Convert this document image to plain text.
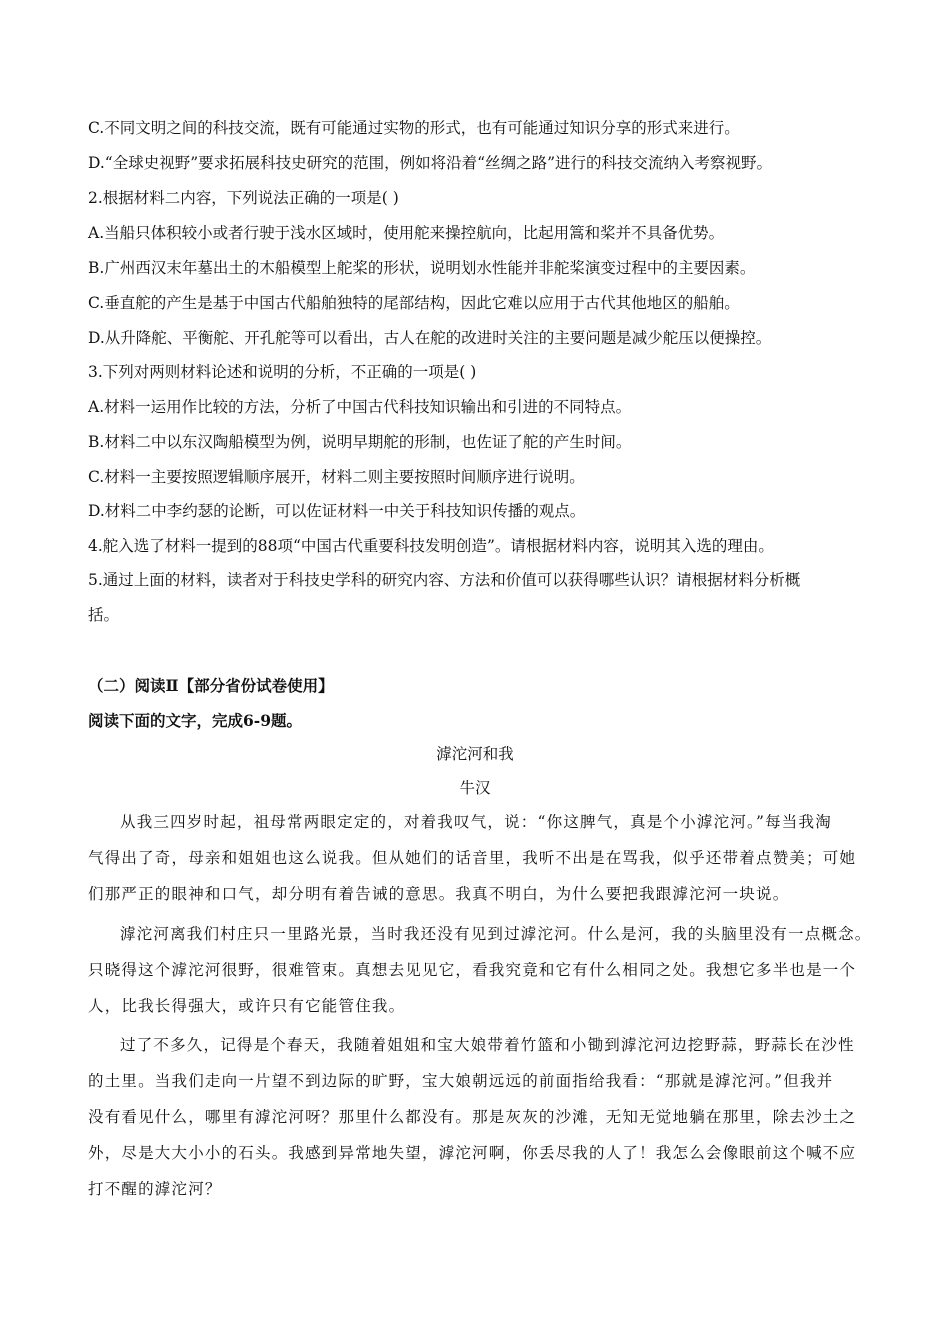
C.不同文明之间的科技交流，既有可能通过实物的形式，也有可能通过知识分享的形式来进行。
D.“全球史视野”要求拓展科技史研究的范围，例如将沿着“丝绸之路”进行的科技交流纳入考察视野。
2.根据材料二内容，下列说法正确的一项是( )
A.当船只体积较小或者行驶于浅水区域时，使用舵来操控航向，比起用篙和桨并不具备优势。
B.广州西汉末年墓出土的木船模型上舵桨的形状，说明划水性能并非舵桨演变过程中的主要因素。
C.垂直舵的产生是基于中国古代船舶独特的尾部结构，因此它难以应用于古代其他地区的船舶。
D.从升降舵、平衡舵、开孔舵等可以看出，古人在舵的改进时关注的主要问题是减少舵压以便操控。
3.下列对两则材料论述和说明的分析，不正确的一项是( )
A.材料一运用作比较的方法，分析了中国古代科技知识输出和引进的不同特点。
B.材料二中以东汉陶船模型为例，说明早期舵的形制，也佐证了舵的产生时间。
C.材料一主要按照逻辑顺序展开，材料二则主要按照时间顺序进行说明。
D.材料二中李约瑟的论断，可以佐证材料一中关于科技知识传播的观点。
4.舵入选了材料一提到的88项“中国古代重要科技发明创造”。请根据材料内容，说明其入选的理由。
5.通过上面的材料，读者对于科技史学科的研究内容、方法和价值可以获得哪些认识？请根据材料分析概
括。
（二）阅读Ⅱ【部分省份试卷使用】
阅读下面的文字，完成6-9题。
滹沱河和我
牛汉
从我三四岁时起，祖母常两眼定定的，对着我叹气，说：“你这脾气，真是个小滹沱河。”每当我淘
气得出了奇，母亲和姐姐也这么说我。但从她们的话音里，我听不出是在骂我，似乎还带着点赞美；可她
们那严正的眼神和口气，却分明有着告诫的意思。我真不明白，为什么要把我跟滹沱河一块说。
滹沱河离我们村庄只一里路光景，当时我还没有见到过滹沱河。什么是河，我的头脑里没有一点概念。
只晓得这个滹沱河很野，很难管束。真想去见见它，看我究竟和它有什么相同之处。我想它多半也是一个
人，比我长得强大，或许只有它能管住我。
过了不多久，记得是个春天，我随着姐姐和宝大娘带着竹篮和小锄到滹沱河边挖野蒜，野蒜长在沙性
的土里。当我们走向一片望不到边际的旷野，宝大娘朝远远的前面指给我看：“那就是滹沱河。”但我并
没有看见什么，哪里有滹沱河呀？那里什么都没有。那是灰灰的沙滩，无知无觉地躺在那里，除去沙土之
外，尽是大大小小的石头。我感到异常地失望，滹沱河啊，你丢尽我的人了！我怎么会像眼前这个喊不应
打不醒的滹沱河？
